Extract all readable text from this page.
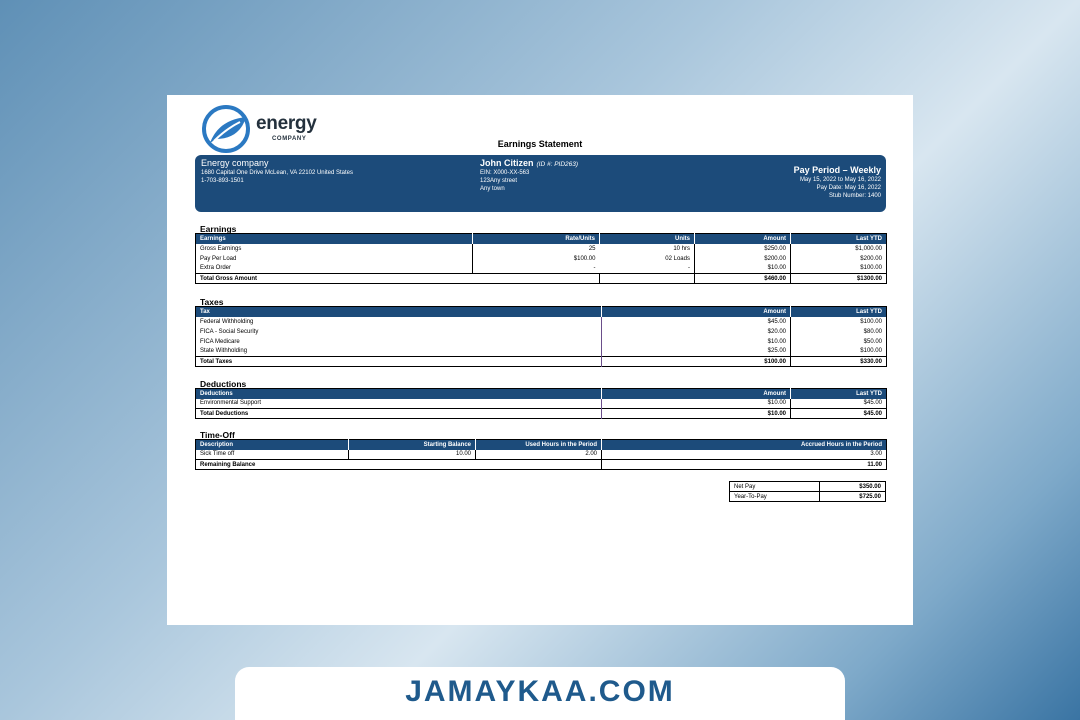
energy
COMPANY	Earnings Statement
Energy company
1680 Capital One Drive McLean, VA 22102 United States
1-703-893-1501
John Citizen (ID #: PID263)
EIN: X000-XX-563
123Any street
Any town
Pay Period – Weekly
May 15, 2022 to May 16, 2022
Pay Date: May 16, 2022
Stub Number: 1400
Earnings
Earnings	Rate/Units	Units	Amount	Last YTD
Gross Earnings	25	10 hrs	$250.00	$1,000.00
Pay Per Load	$100.00	02 Loads	$200.00	$200.00
Extra Order	-	-	$10.00	$100.00
Total Gross Amount			$460.00	$1300.00
Taxes
Tax	Amount	Last YTD
Federal Withholding	$45.00	$100.00
FICA - Social Security	$20.00	$80.00
FICA Medicare	$10.00	$50.00
State Withholding	$25.00	$100.00
Total Taxes	$100.00	$330.00
Deductions
Deductions	Amount	Last YTD
Environmental Support	$10.00	$45.00
Total Deductions	$10.00	$45.00
Time-Off
Description	Starting Balance	Used Hours in the Period	Accrued Hours in the Period
Sick Time off	10.00	2.00	3.00
Remaining Balance			11.00
Net Pay	$350.00
Year-To-Pay	$725.00
JAMAYKAA.COM
